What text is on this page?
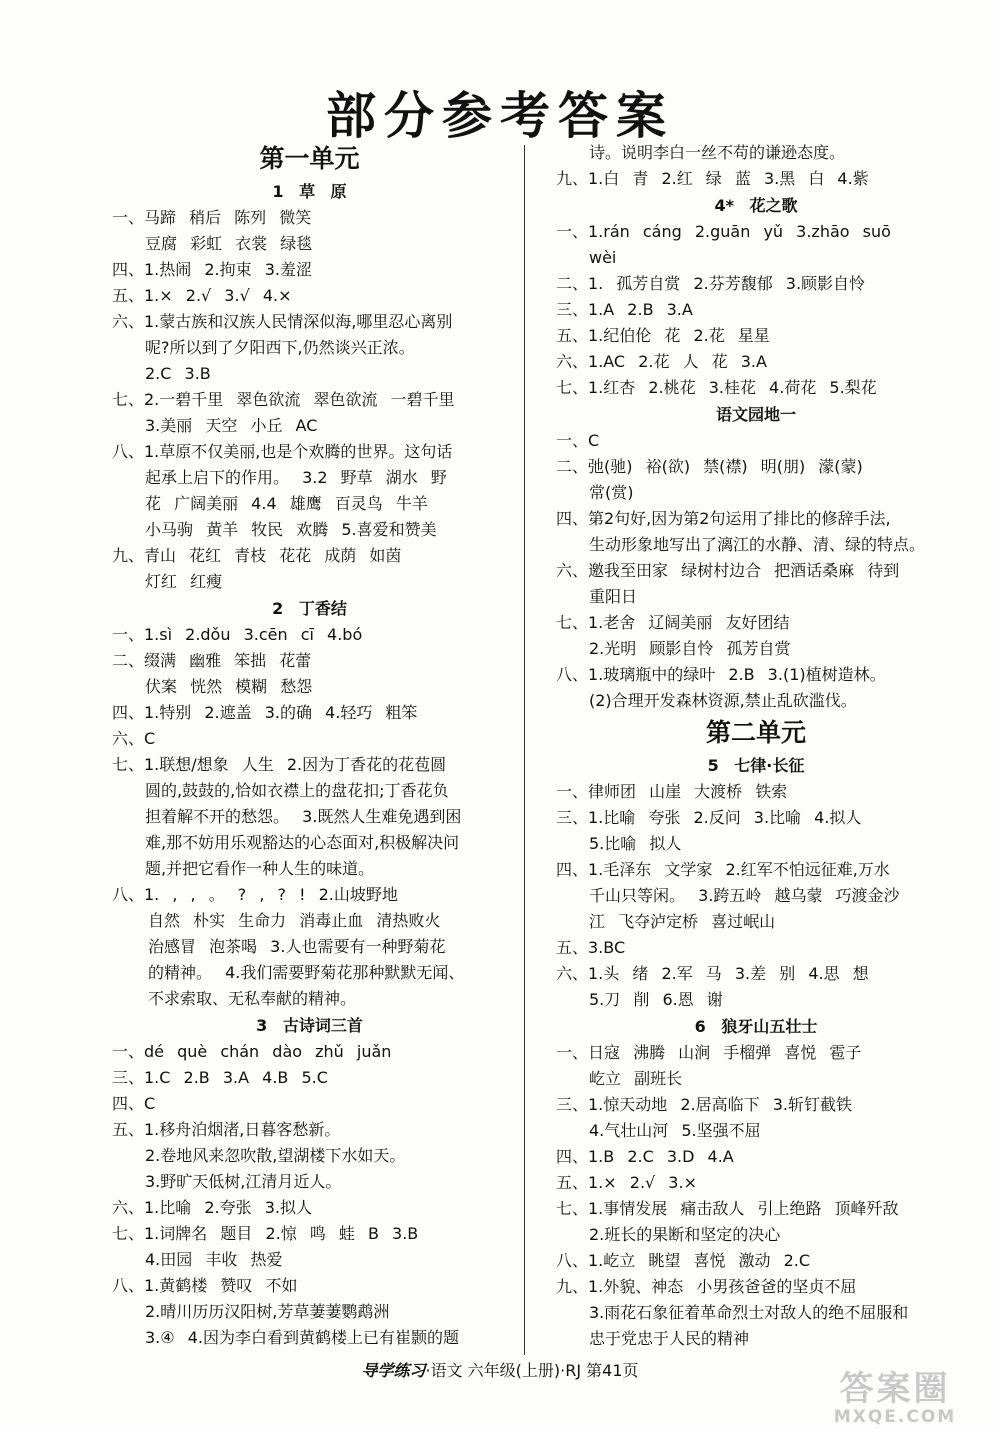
部分参考答案
第一单元
1 草 原
一、马蹄 稍后 陈列 微笑
豆腐 彩虹 衣裳 绿毯
四、1.热闹 2.拘束 3.羞涩
五、1.× 2.√ 3.√ 4.×
六、1.蒙古族和汉族人民情深似海,哪里忍心离别
呢?所以到了夕阳西下,仍然谈兴正浓。
2.C 3.B
七、2.一碧千里 翠色欲流 翠色欲流 一碧千里
3.美丽 天空 小丘 AC
八、1.草原不仅美丽,也是个欢腾的世界。这句话
起承上启下的作用。 3.2 野草 湖水 野
花 广阔美丽 4.4 雄鹰 百灵鸟 牛羊
小马驹 黄羊 牧民 欢腾 5.喜爱和赞美
九、青山 花红 青枝 花花 成荫 如茵
灯红 红瘦
2 丁香结
一、1.sì 2.dǒu 3.cēn cī 4.bó
二、缀满 幽雅 笨拙 花蕾
伏案 恍然 模糊 愁怨
四、1.特别 2.遮盖 3.的确 4.轻巧 粗笨
六、C
七、1.联想/想象 人生 2.因为丁香花的花苞圆
圆的,鼓鼓的,恰如衣襟上的盘花扣;丁香花负
担着解不开的愁怨。 3.既然人生难免遇到困
难,那不妨用乐观豁达的心态面对,积极解决问
题,并把它看作一种人生的味道。
八、1. , , 。 ? , ? ! 2.山坡野地
自然 朴实 生命力 消毒止血 清热败火
治感冒 泡茶喝 3.人也需要有一种野菊花
的精神。 4.我们需要野菊花那种默默无闻、
不求索取、无私奉献的精神。
3 古诗词三首
一、dé què chán dào zhǔ juǎn
三、1.C 2.B 3.A 4.B 5.C
四、C
五、1.移舟泊烟渚,日暮客愁新。
2.卷地风来忽吹散,望湖楼下水如天。
3.野旷天低树,江清月近人。
六、1.比喻 2.夸张 3.拟人
七、1.词牌名 题目 2.惊 鸣 蛙 B 3.B
4.田园 丰收 热爱
八、1.黄鹤楼 赞叹 不如
2.晴川历历汉阳树,芳草萋萋鹦鹉洲
3.④ 4.因为李白看到黄鹤楼上已有崔颢的题
诗。说明李白一丝不苟的谦逊态度。
九、1.白 青 2.红 绿 蓝 3.黑 白 4.紫
4* 花之歌
一、1.rán cáng 2.guān yǔ 3.zhāo suō
wèi
二、1. 孤芳自赏 2.芬芳馥郁 3.顾影自怜
三、1.A 2.B 3.A
五、1.纪伯伦 花 2.花 星星
六、1.AC 2.花 人 花 3.A
七、1.红杏 2.桃花 3.桂花 4.荷花 5.梨花
语文园地一
一、C
二、弛(驰) 裕(欲) 禁(襟) 明(朋) 濛(蒙)
常(赏)
四、第2句好,因为第2句运用了排比的修辞手法,
生动形象地写出了漓江的水静、清、绿的特点。
六、邀我至田家 绿树村边合 把酒话桑麻 待到
重阳日
七、1.老舍 辽阔美丽 友好团结
2.光明 顾影自怜 孤芳自赏
八、1.玻璃瓶中的绿叶 2.B 3.(1)植树造林。
(2)合理开发森林资源,禁止乱砍滥伐。
第二单元
5 七律·长征
一、律师团 山崖 大渡桥 铁索
三、1.比喻 夸张 2.反问 3.比喻 4.拟人
5.比喻 拟人
四、1.毛泽东 文学家 2.红军不怕远征难,万水
千山只等闲。 3.跨五岭 越乌蒙 巧渡金沙
江 飞夺泸定桥 喜过岷山
五、3.BC
六、1.头 绪 2.军 马 3.差 别 4.思 想
5.刀 削 6.恩 谢
6 狼牙山五壮士
一、日寇 沸腾 山涧 手榴弹 喜悦 雹子
屹立 副班长
三、1.惊天动地 2.居高临下 3.斩钉截铁
4.气壮山河 5.坚强不屈
四、1.B 2.C 3.D 4.A
五、1.× 2.√ 3.×
七、1.事情发展 痛击敌人 引上绝路 顶峰歼敌
2.班长的果断和坚定的决心
八、1.屹立 眺望 喜悦 激动 2.C
九、1.外貌、神态 小男孩爸爸的坚贞不屈
3.雨花石象征着革命烈士对敌人的绝不屈服和
忠于党忠于人民的精神
导学练习·语文 六年级(上册)·RJ 第41页	答案圈
MXQE.COM
